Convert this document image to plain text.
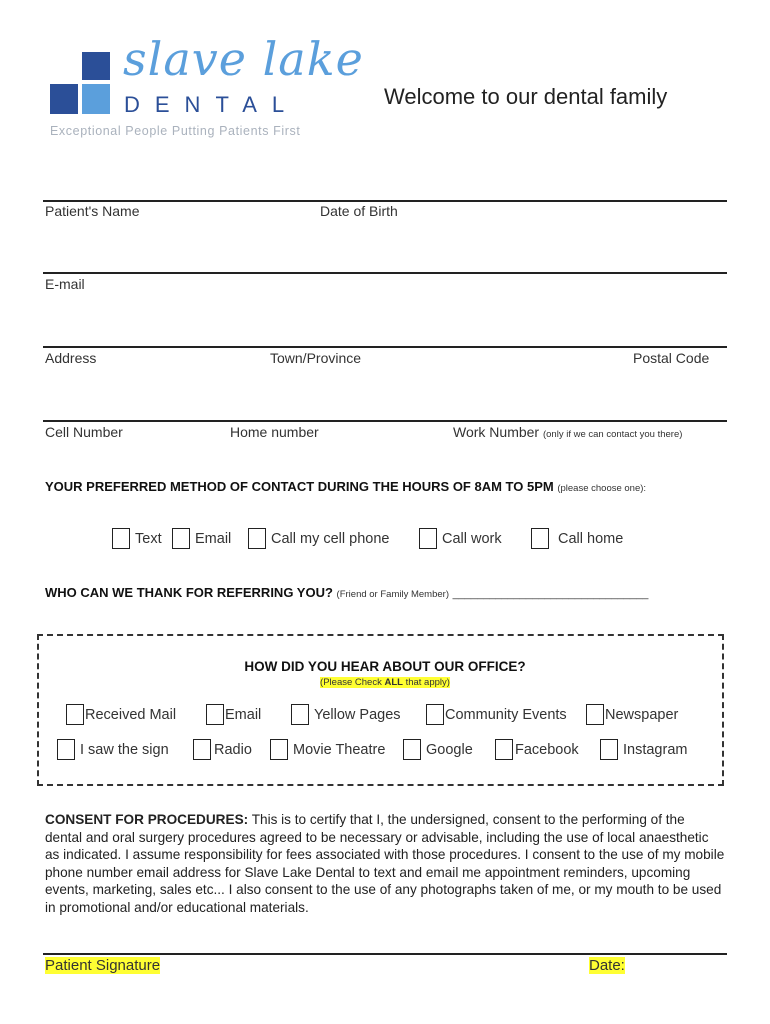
slave lake
DENTAL
Exceptional People Putting Patients First
Welcome to our dental family
Patient's Name	Date of Birth
E-mail
Address	Town/Province	Postal Code
Cell Number	Home number	Work Number (only if we can contact you there)
YOUR PREFERRED METHOD OF CONTACT DURING THE HOURS OF 8AM TO 5PM (please choose one):
Text Email	Call my cell phone	Call work	Call home
WHO CAN WE THANK FOR REFERRING YOU? (Friend or Family Member) ________________________________
HOW DID YOU HEAR ABOUT OUR OFFICE?
(Please Check ALL that apply)
Received Mail	Email	Yellow Pages	Community Events	Newspaper
I saw the sign	Radio	Movie Theatre	Google	Facebook	Instagram
CONSENT FOR PROCEDURES: This is to certify that I, the undersigned, consent to the performing of the dental and oral surgery procedures agreed to be necessary or advisable, including the use of local anaesthetic as indicated. I assume responsibility for fees associated with those procedures. I consent to the use of my mobile phone number email address for Slave Lake Dental to text and email me appointment reminders, upcoming events, marketing, sales etc... I also consent to the use of any photographs taken of me, or my mouth to be used in promotional and/or educational materials.
Patient Signature	Date:
